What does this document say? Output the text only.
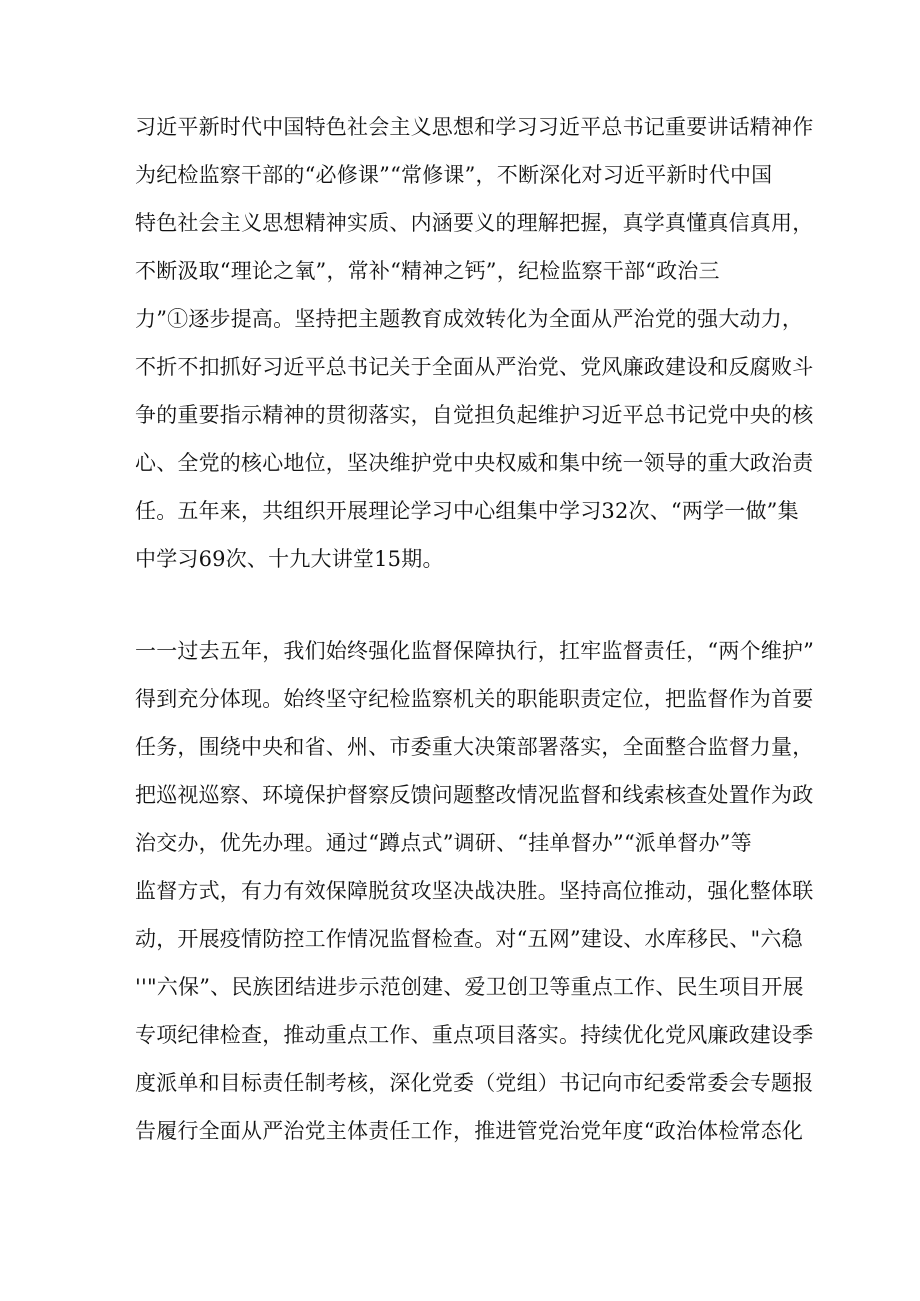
习近平新时代中国特色社会主义思想和学习习近平总书记重要讲话精神作
为纪检监察干部的“必修课”“常修课”，不断深化对习近平新时代中国
特色社会主义思想精神实质、内涵要义的理解把握，真学真懂真信真用，
不断汲取“理论之氧”，常补“精神之钙”，纪检监察干部“政治三
力”①逐步提高。坚持把主题教育成效转化为全面从严治党的强大动力，
不折不扣抓好习近平总书记关于全面从严治党、党风廉政建设和反腐败斗
争的重要指示精神的贯彻落实，自觉担负起维护习近平总书记党中央的核
心、全党的核心地位，坚决维护党中央权威和集中统一领导的重大政治责
任。五年来，共组织开展理论学习中心组集中学习32次、“两学一做”集
中学习69次、十九大讲堂15期。
一一过去五年，我们始终强化监督保障执行，扛牢监督责任，“两个维护”
得到充分体现。始终坚守纪检监察机关的职能职责定位，把监督作为首要
任务，围绕中央和省、州、市委重大决策部署落实，全面整合监督力量，
把巡视巡察、环境保护督察反馈问题整改情况监督和线索核查处置作为政
治交办，优先办理。通过“蹲点式”调研、“挂单督办”“派单督办”等
监督方式，有力有效保障脱贫攻坚决战决胜。坚持高位推动，强化整体联
动，开展疫情防控工作情况监督检查。对“五网”建设、水库移民、"六稳
''"六保”、民族团结进步示范创建、爱卫创卫等重点工作、民生项目开展
专项纪律检查，推动重点工作、重点项目落实。持续优化党风廉政建设季
度派单和目标责任制考核，深化党委（党组）书记向市纪委常委会专题报
告履行全面从严治党主体责任工作，推进管党治党年度“政治体检常态化
